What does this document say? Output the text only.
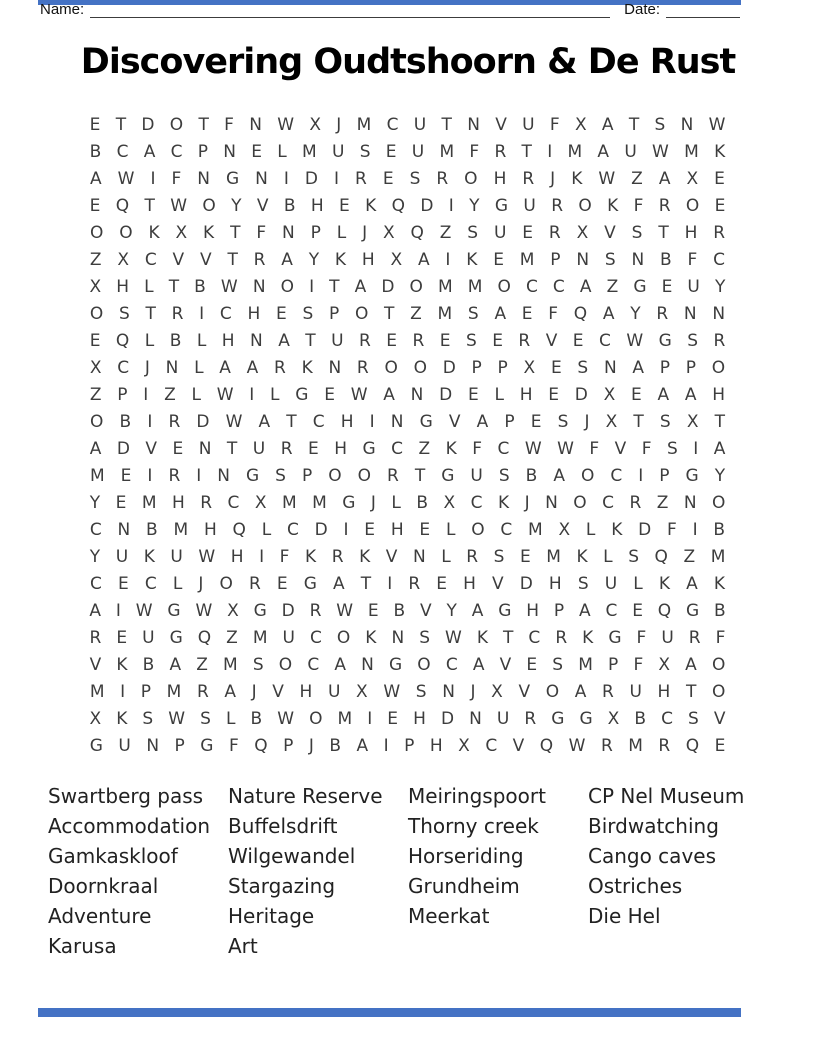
Name:	Date:
Discovering Oudtshoorn & De Rust
E T D O T F N W X J M C U T N V U F X A T S N W
B C A C P N E L M U S E U M F R T I M A U W M K
A W I F N G N I D I R E S R O H R J K W Z A X E
E Q T W O Y V B H E K Q D I Y G U R O K F R O E
O O K X K T F N P L J X Q Z S U E R X V S T H R
Z X C V V T R A Y K H X A I K E M P N S N B F C
X H L T B W N O I T A D O M M O C C A Z G E U Y
O S T R I C H E S P O T Z M S A E F Q A Y R N N
E Q L B L H N A T U R E R E S E R V E C W G S R
X C J N L A A R K N R O O D P P X E S N A P P O
Z P I Z L W I L G E W A N D E L H E D X E A A H
O B I R D W A T C H I N G V A P E S J X T S X T
A D V E N T U R E H G C Z K F C W W F V F S I A
M E I R I N G S P O O R T G U S B A O C I P G Y
Y E M H R C X M M G J L B X C K J N O C R Z N O
C N B M H Q L C D I E H E L O C M X L K D F I B
Y U K U W H I F K R K V N L R S E M K L S Q Z M
C E C L J O R E G A T I R E H V D H S U L K A K
A I W G W X G D R W E B V Y A G H P A C E Q G B
R E U G Q Z M U C O K N S W K T C R K G F U R F
V K B A Z M S O C A N G O C A V E S M P F X A O
M I P M R A J V H U X W S N J X V O A R U H T O
X K S W S L B W O M I E H D N U R G G X B C S V
G U N P G F Q P J B A I P H X C V Q W R M R Q E
Swartberg pass
Accommodation
Gamkaskloof
Doornkraal
Adventure
Karusa
Nature Reserve
Buffelsdrift
Wilgewandel
Stargazing
Heritage
Art
Meiringspoort
Thorny creek
Horseriding
Grundheim
Meerkat
CP Nel Museum
Birdwatching
Cango caves
Ostriches
Die Hel
